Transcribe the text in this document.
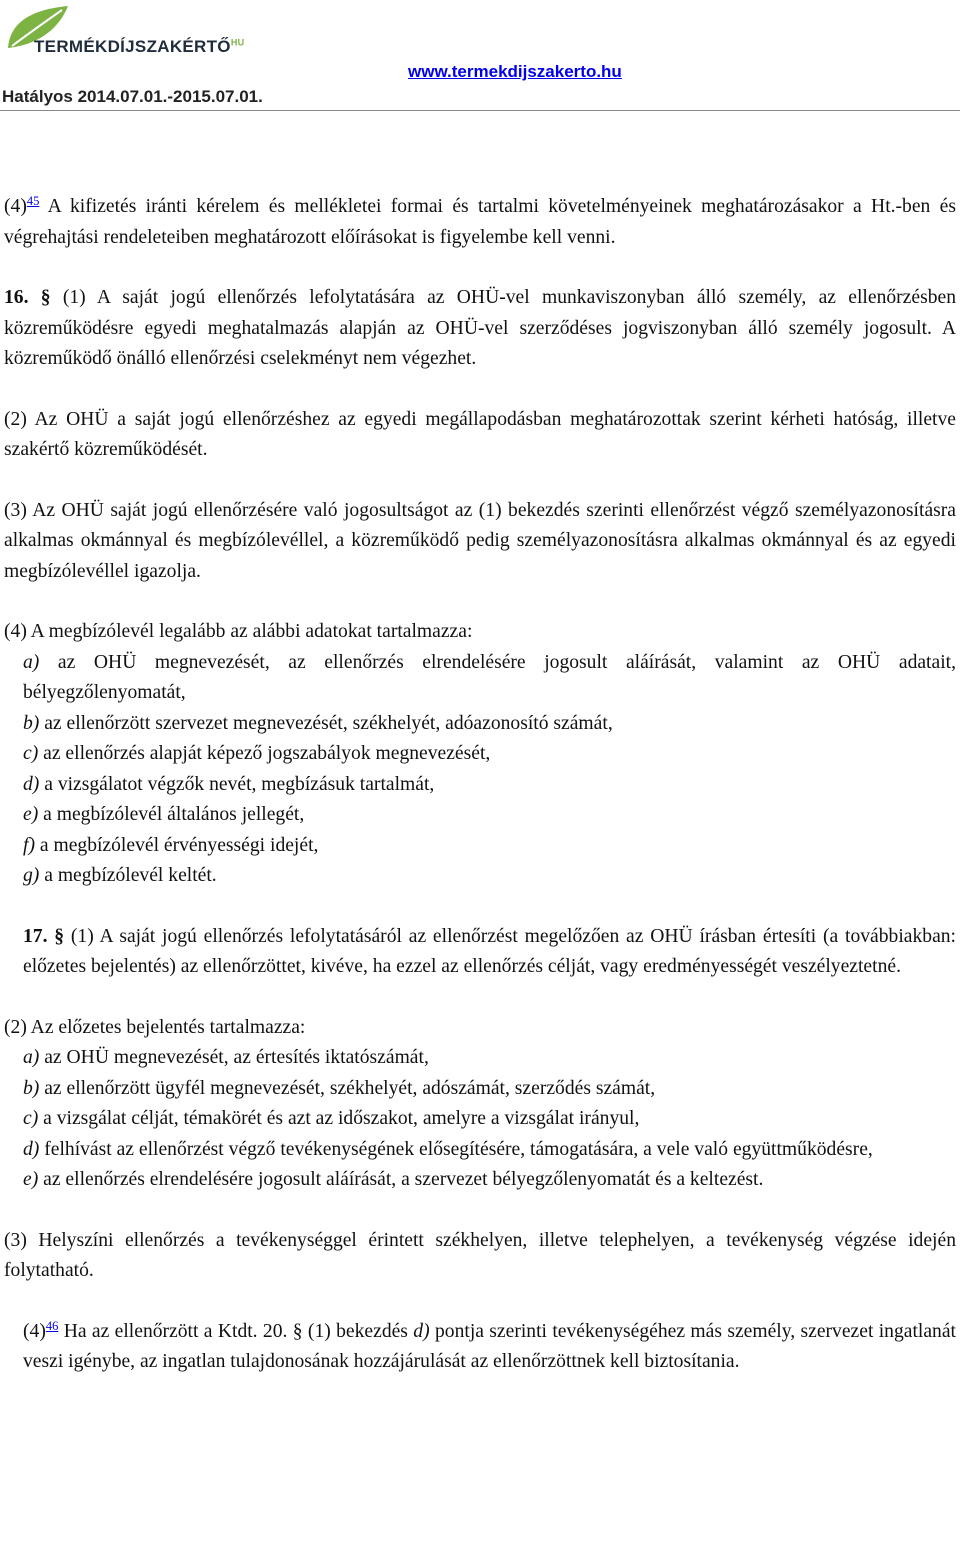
$TERMÉKDÍJSZAKÉRTŐ^{HU}$
www.termekdijszakerto.hu
Hatályos 2014.07.01.-2015.07.01.

(4)$^{45}$ A kifizetés iránti kérelem és mellékletei formai és tartalmi követelményeinek meghatározásakor a Ht.-ben és végrehajtási rendeleteiben meghatározott előírásokat is figyelembe kell venni.

16. § (1) A saját jogú ellenőrzés lefolytatására az OHÜ-vel munkaviszonyban álló személy, az ellenőrzésben közreműködésre egyedi meghatalmazás alapján az OHÜ-vel szerződéses jogviszonyban álló személy jogosult. A közreműködő önálló ellenőrzési cselekményt nem végezhet.

(2) Az OHÜ a saját jogú ellenőrzéshez az egyedi megállapodásban meghatározottak szerint kérheti hatóság, illetve szakértő közreműködését.

(3) Az OHÜ saját jogú ellenőrzésére való jogosultságot az (1) bekezdés szerinti ellenőrzést végző személyazonosításra alkalmas okmánnyal és megbízólevéllel, a közreműködő pedig személyazonosításra alkalmas okmánnyal és az egyedi megbízólevéllel igazolja.

(4) A megbízólevél legalább az alábbi adatokat tartalmazza:

a) az OHÜ megnevezését, az ellenőrzés elrendelésére jogosult aláírását, valamint az OHÜ adatait, bélyegzőlenyomatát,

b) az ellenőrzött szervezet megnevezését, székhelyét, adóazonosító számát,

c) az ellenőrzés alapját képező jogszabályok megnevezését,

d) a vizsgálatot végzők nevét, megbízásuk tartalmát,

e) a megbízólevél általános jellegét,

f) a megbízólevél érvényességi idejét,

g) a megbízólevél keltét.

17. § (1) A saját jogú ellenőrzés lefolytatásáról az ellenőrzést megelőzően az OHÜ írásban értesíti (a továbbiakban: előzetes bejelentés) az ellenőrzöttet, kivéve, ha ezzel az ellenőrzés célját, vagy eredményességét veszélyeztetné.

(2) Az előzetes bejelentés tartalmazza:

a) az OHÜ megnevezését, az értesítés iktatószámát,

b) az ellenőrzött ügyfél megnevezését, székhelyét, adószámát, szerződés számát,

c) a vizsgálat célját, témakörét és azt az időszakot, amelyre a vizsgálat irányul,

d) felhívást az ellenőrzést végző tevékenységének elősegítésére, támogatására, a vele való együttműködésre,

e) az ellenőrzés elrendelésére jogosult aláírását, a szervezet bélyegzőlenyomatát és a keltezést.

(3) Helyszíni ellenőrzés a tevékenységgel érintett székhelyen, illetve telephelyen, a tevékenység végzése idején folytatható.

(4)$^{46}$ Ha az ellenőrzött a Ktdt. 20. § (1) bekezdés d) pontja szerinti tevékenységéhez más személy, szervezet ingatlanát veszi igénybe, az ingatlan tulajdonosának hozzájárulását az ellenőrzöttnek kell biztosítania.
